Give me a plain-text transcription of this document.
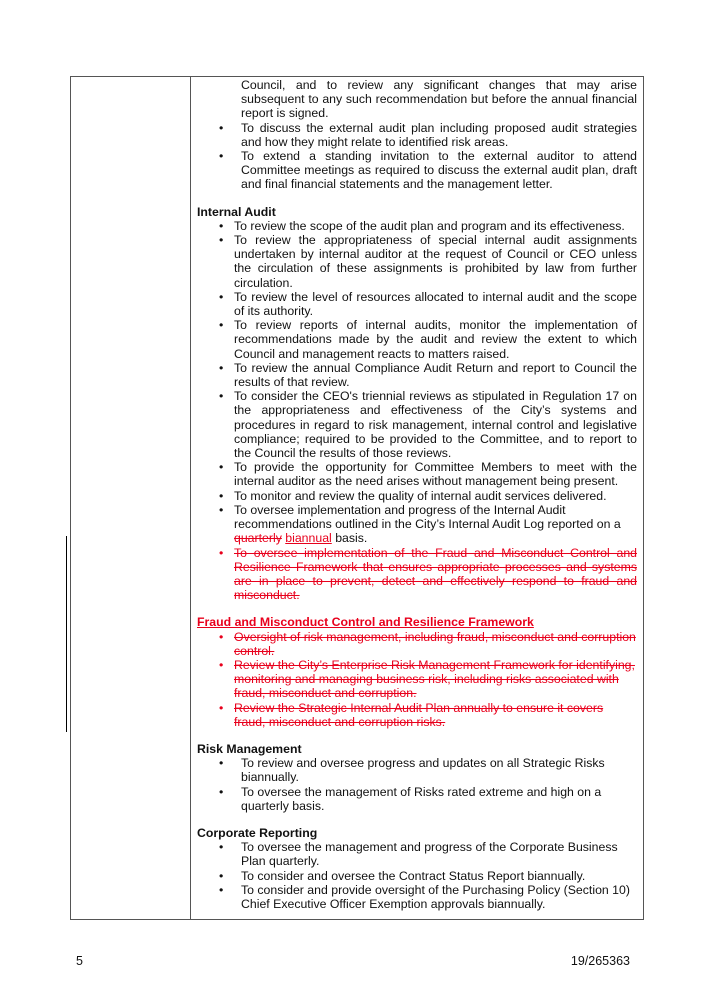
Council, and to review any significant changes that may arise subsequent to any such recommendation but before the annual financial report is signed.
• To discuss the external audit plan including proposed audit strategies and how they might relate to identified risk areas.
• To extend a standing invitation to the external auditor to attend Committee meetings as required to discuss the external audit plan, draft and final financial statements and the management letter.
Internal Audit
• To review the scope of the audit plan and program and its effectiveness.
• To review the appropriateness of special internal audit assignments undertaken by internal auditor at the request of Council or CEO unless the circulation of these assignments is prohibited by law from further circulation.
• To review the level of resources allocated to internal audit and the scope of its authority.
• To review reports of internal audits, monitor the implementation of recommendations made by the audit and review the extent to which Council and management reacts to matters raised.
• To review the annual Compliance Audit Return and report to Council the results of that review.
• To consider the CEO's triennial reviews as stipulated in Regulation 17 on the appropriateness and effectiveness of the City’s systems and procedures in regard to risk management, internal control and legislative compliance; required to be provided to the Committee, and to report to the Council the results of those reviews.
• To provide the opportunity for Committee Members to meet with the internal auditor as the need arises without management being present.
• To monitor and review the quality of internal audit services delivered.
• To oversee implementation and progress of the Internal Audit recommendations outlined in the City’s Internal Audit Log reported on a quarterly biannual basis.
• To oversee implementation of the Fraud and Misconduct Control and Resilience Framework that ensures appropriate processes and systems are in place to prevent, detect and effectively respond to fraud and misconduct.
Fraud and Misconduct Control and Resilience Framework
• Oversight of risk management, including fraud, misconduct and corruption control.
• Review the City’s Enterprise Risk Management Framework for identifying, monitoring and managing business risk, including risks associated with fraud, misconduct and corruption.
• Review the Strategic Internal Audit Plan annually to ensure it covers fraud, misconduct and corruption risks.
Risk Management
• To review and oversee progress and updates on all Strategic Risks biannually.
• To oversee the management of Risks rated extreme and high on a quarterly basis.
Corporate Reporting
• To oversee the management and progress of the Corporate Business Plan quarterly.
• To consider and oversee the Contract Status Report biannually.
• To consider and provide oversight of the Purchasing Policy (Section 10) Chief Executive Officer Exemption approvals biannually.
5	19/265363
